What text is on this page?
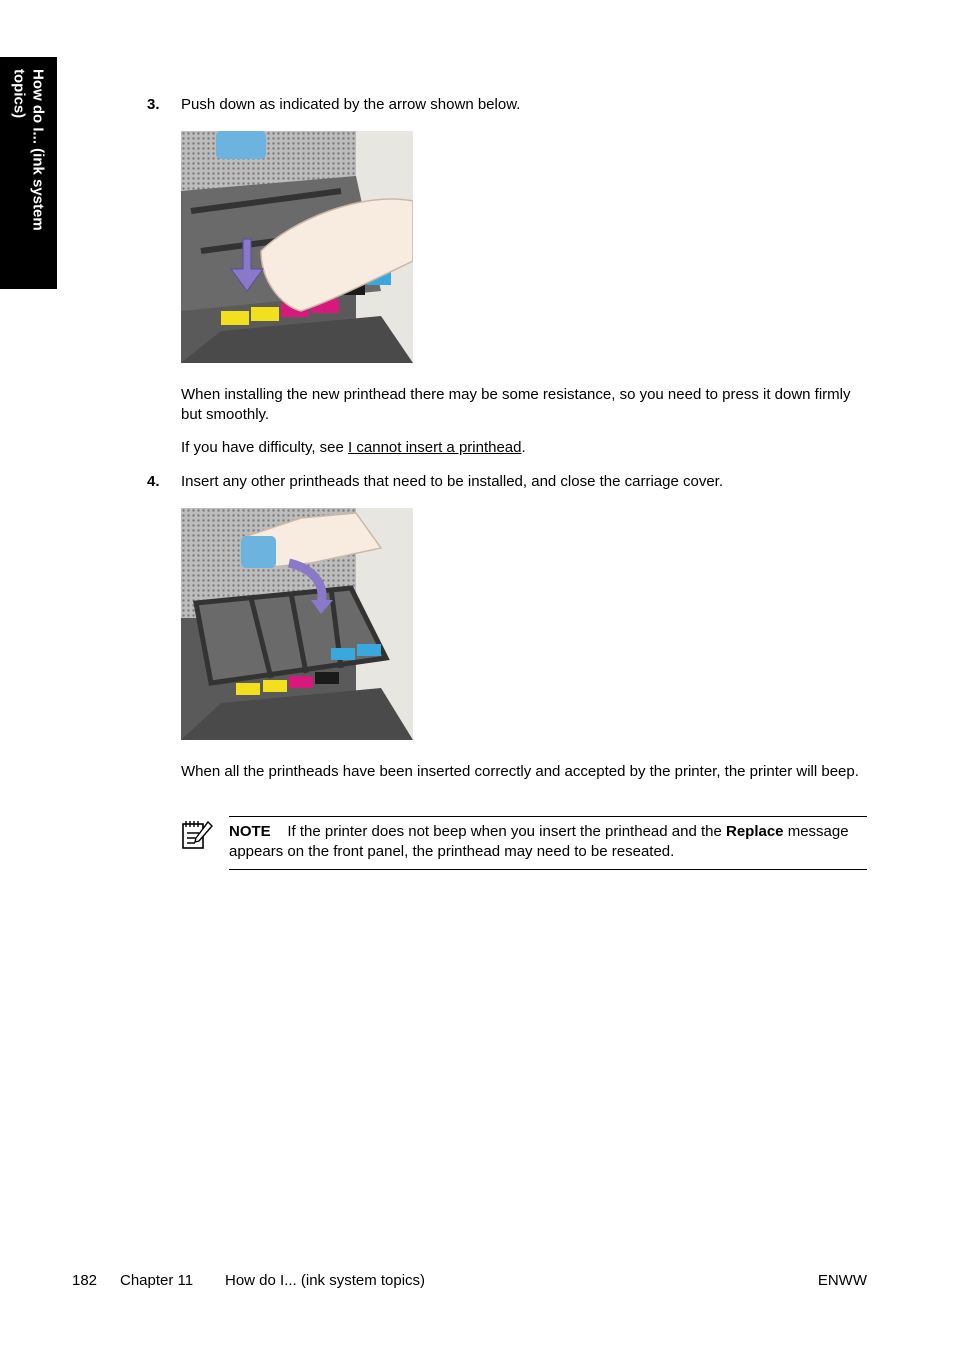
How do I... (ink system
topics)	3. Push down as indicated by the arrow shown below.
When installing the new printhead there may be some resistance, so you need to press it down firmly but smoothly.
If you have difficulty, see I cannot insert a printhead.
4. Insert any other printheads that need to be installed, and close the carriage cover.
When all the printheads have been inserted correctly and accepted by the printer, the printer will beep.
NOTE If the printer does not beep when you insert the printhead and the Replace message appears on the front panel, the printhead may need to be reseated.
182 Chapter 11 How do I... (ink system topics)	ENWW
